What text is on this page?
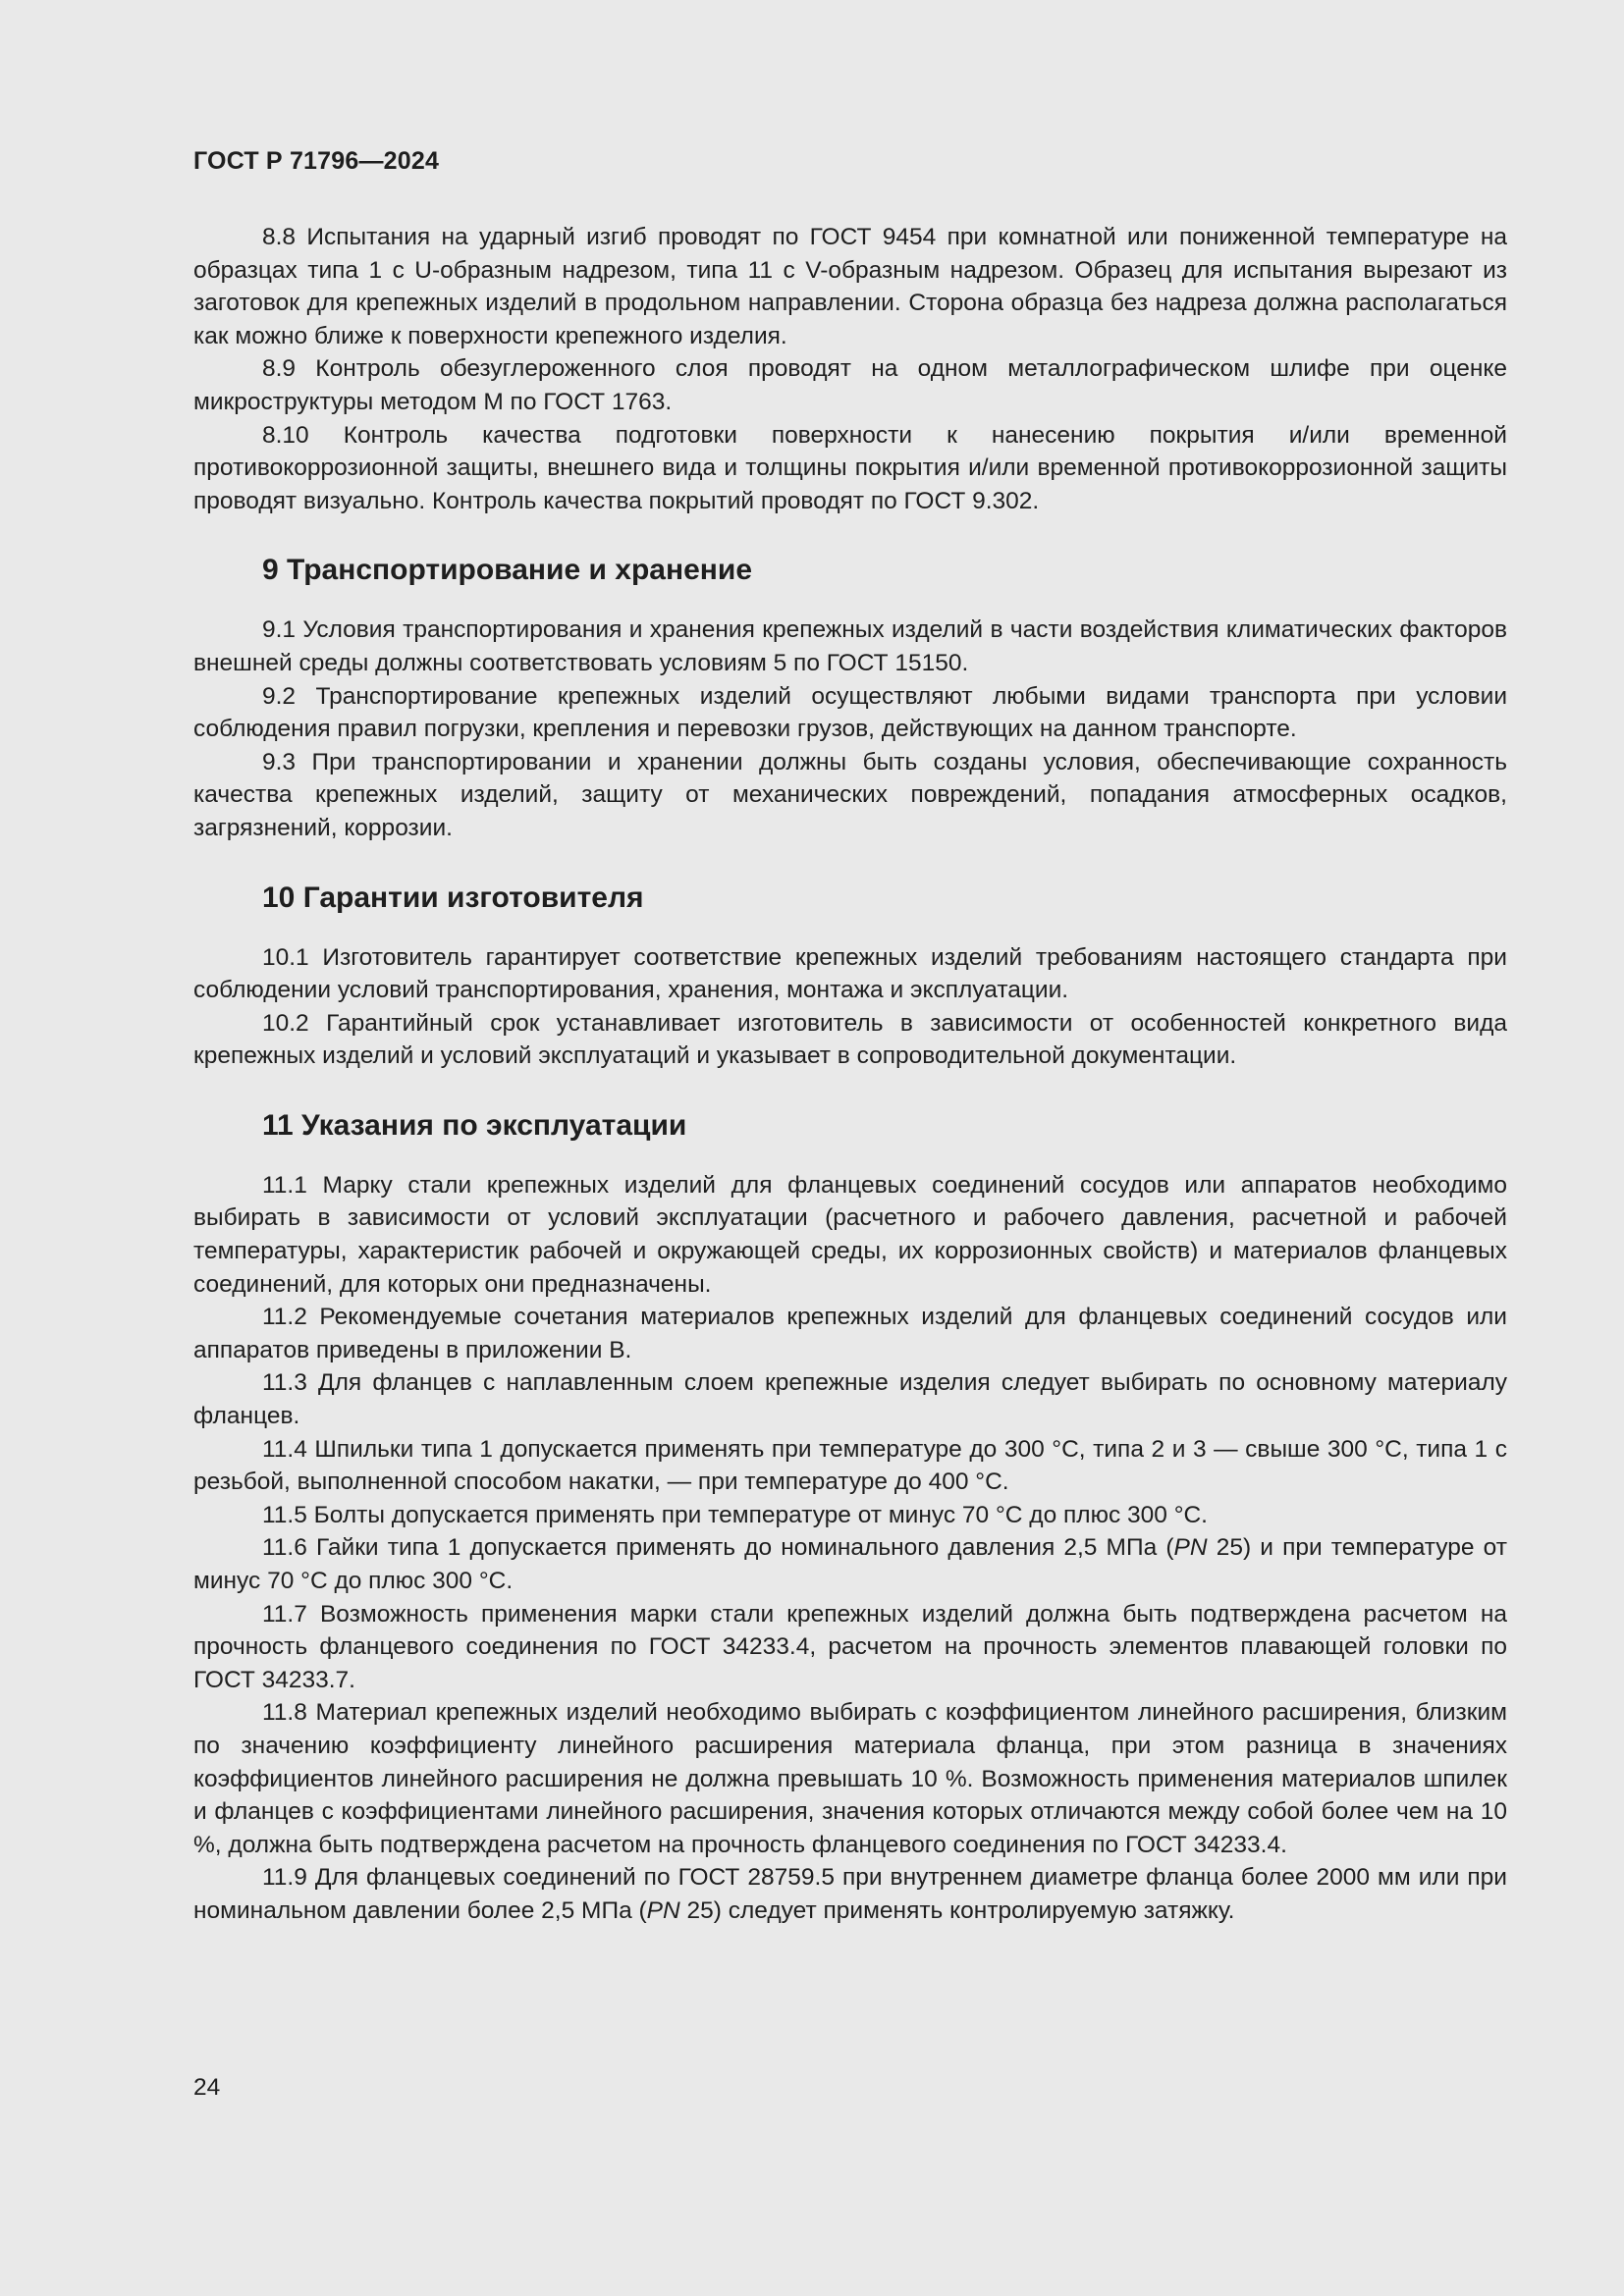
ГОСТ Р 71796—2024

8.8 Испытания на ударный изгиб проводят по ГОСТ 9454 при комнатной или пониженной температуре на образцах типа 1 с U-образным надрезом, типа 11 с V-образным надрезом. Образец для испытания вырезают из заготовок для крепежных изделий в продольном направлении. Сторона образца без надреза должна располагаться как можно ближе к поверхности крепежного изделия.

8.9 Контроль обезуглероженного слоя проводят на одном металлографическом шлифе при оценке микроструктуры методом М по ГОСТ 1763.

8.10 Контроль качества подготовки поверхности к нанесению покрытия и/или временной противокоррозионной защиты, внешнего вида и толщины покрытия и/или временной противокоррозионной защиты проводят визуально. Контроль качества покрытий проводят по ГОСТ 9.302.

9 Транспортирование и хранение

9.1 Условия транспортирования и хранения крепежных изделий в части воздействия климатических факторов внешней среды должны соответствовать условиям 5 по ГОСТ 15150.

9.2 Транспортирование крепежных изделий осуществляют любыми видами транспорта при условии соблюдения правил погрузки, крепления и перевозки грузов, действующих на данном транспорте.

9.3 При транспортировании и хранении должны быть созданы условия, обеспечивающие сохранность качества крепежных изделий, защиту от механических повреждений, попадания атмосферных осадков, загрязнений, коррозии.

10 Гарантии изготовителя

10.1 Изготовитель гарантирует соответствие крепежных изделий требованиям настоящего стандарта при соблюдении условий транспортирования, хранения, монтажа и эксплуатации.

10.2 Гарантийный срок устанавливает изготовитель в зависимости от особенностей конкретного вида крепежных изделий и условий эксплуатаций и указывает в сопроводительной документации.

11 Указания по эксплуатации

11.1 Марку стали крепежных изделий для фланцевых соединений сосудов или аппаратов необходимо выбирать в зависимости от условий эксплуатации (расчетного и рабочего давления, расчетной и рабочей температуры, характеристик рабочей и окружающей среды, их коррозионных свойств) и материалов фланцевых соединений, для которых они предназначены.

11.2 Рекомендуемые сочетания материалов крепежных изделий для фланцевых соединений сосудов или аппаратов приведены в приложении В.

11.3 Для фланцев с наплавленным слоем крепежные изделия следует выбирать по основному материалу фланцев.

11.4 Шпильки типа 1 допускается применять при температуре до 300 °С, типа 2 и 3 — свыше 300 °С, типа 1 с резьбой, выполненной способом накатки, — при температуре до 400 °С.

11.5 Болты допускается применять при температуре от минус 70 °С до плюс 300 °С.

11.6 Гайки типа 1 допускается применять до номинального давления 2,5 МПа (PN 25) и при температуре от минус 70 °С до плюс 300 °С.

11.7 Возможность применения марки стали крепежных изделий должна быть подтверждена расчетом на прочность фланцевого соединения по ГОСТ 34233.4, расчетом на прочность элементов плавающей головки по ГОСТ 34233.7.

11.8 Материал крепежных изделий необходимо выбирать с коэффициентом линейного расширения, близким по значению коэффициенту линейного расширения материала фланца, при этом разница в значениях коэффициентов линейного расширения не должна превышать 10 %. Возможность применения материалов шпилек и фланцев с коэффициентами линейного расширения, значения которых отличаются между собой более чем на 10 %, должна быть подтверждена расчетом на прочность фланцевого соединения по ГОСТ 34233.4.

11.9 Для фланцевых соединений по ГОСТ 28759.5 при внутреннем диаметре фланца более 2000 мм или при номинальном давлении более 2,5 МПа (PN 25) следует применять контролируемую затяжку.

24
